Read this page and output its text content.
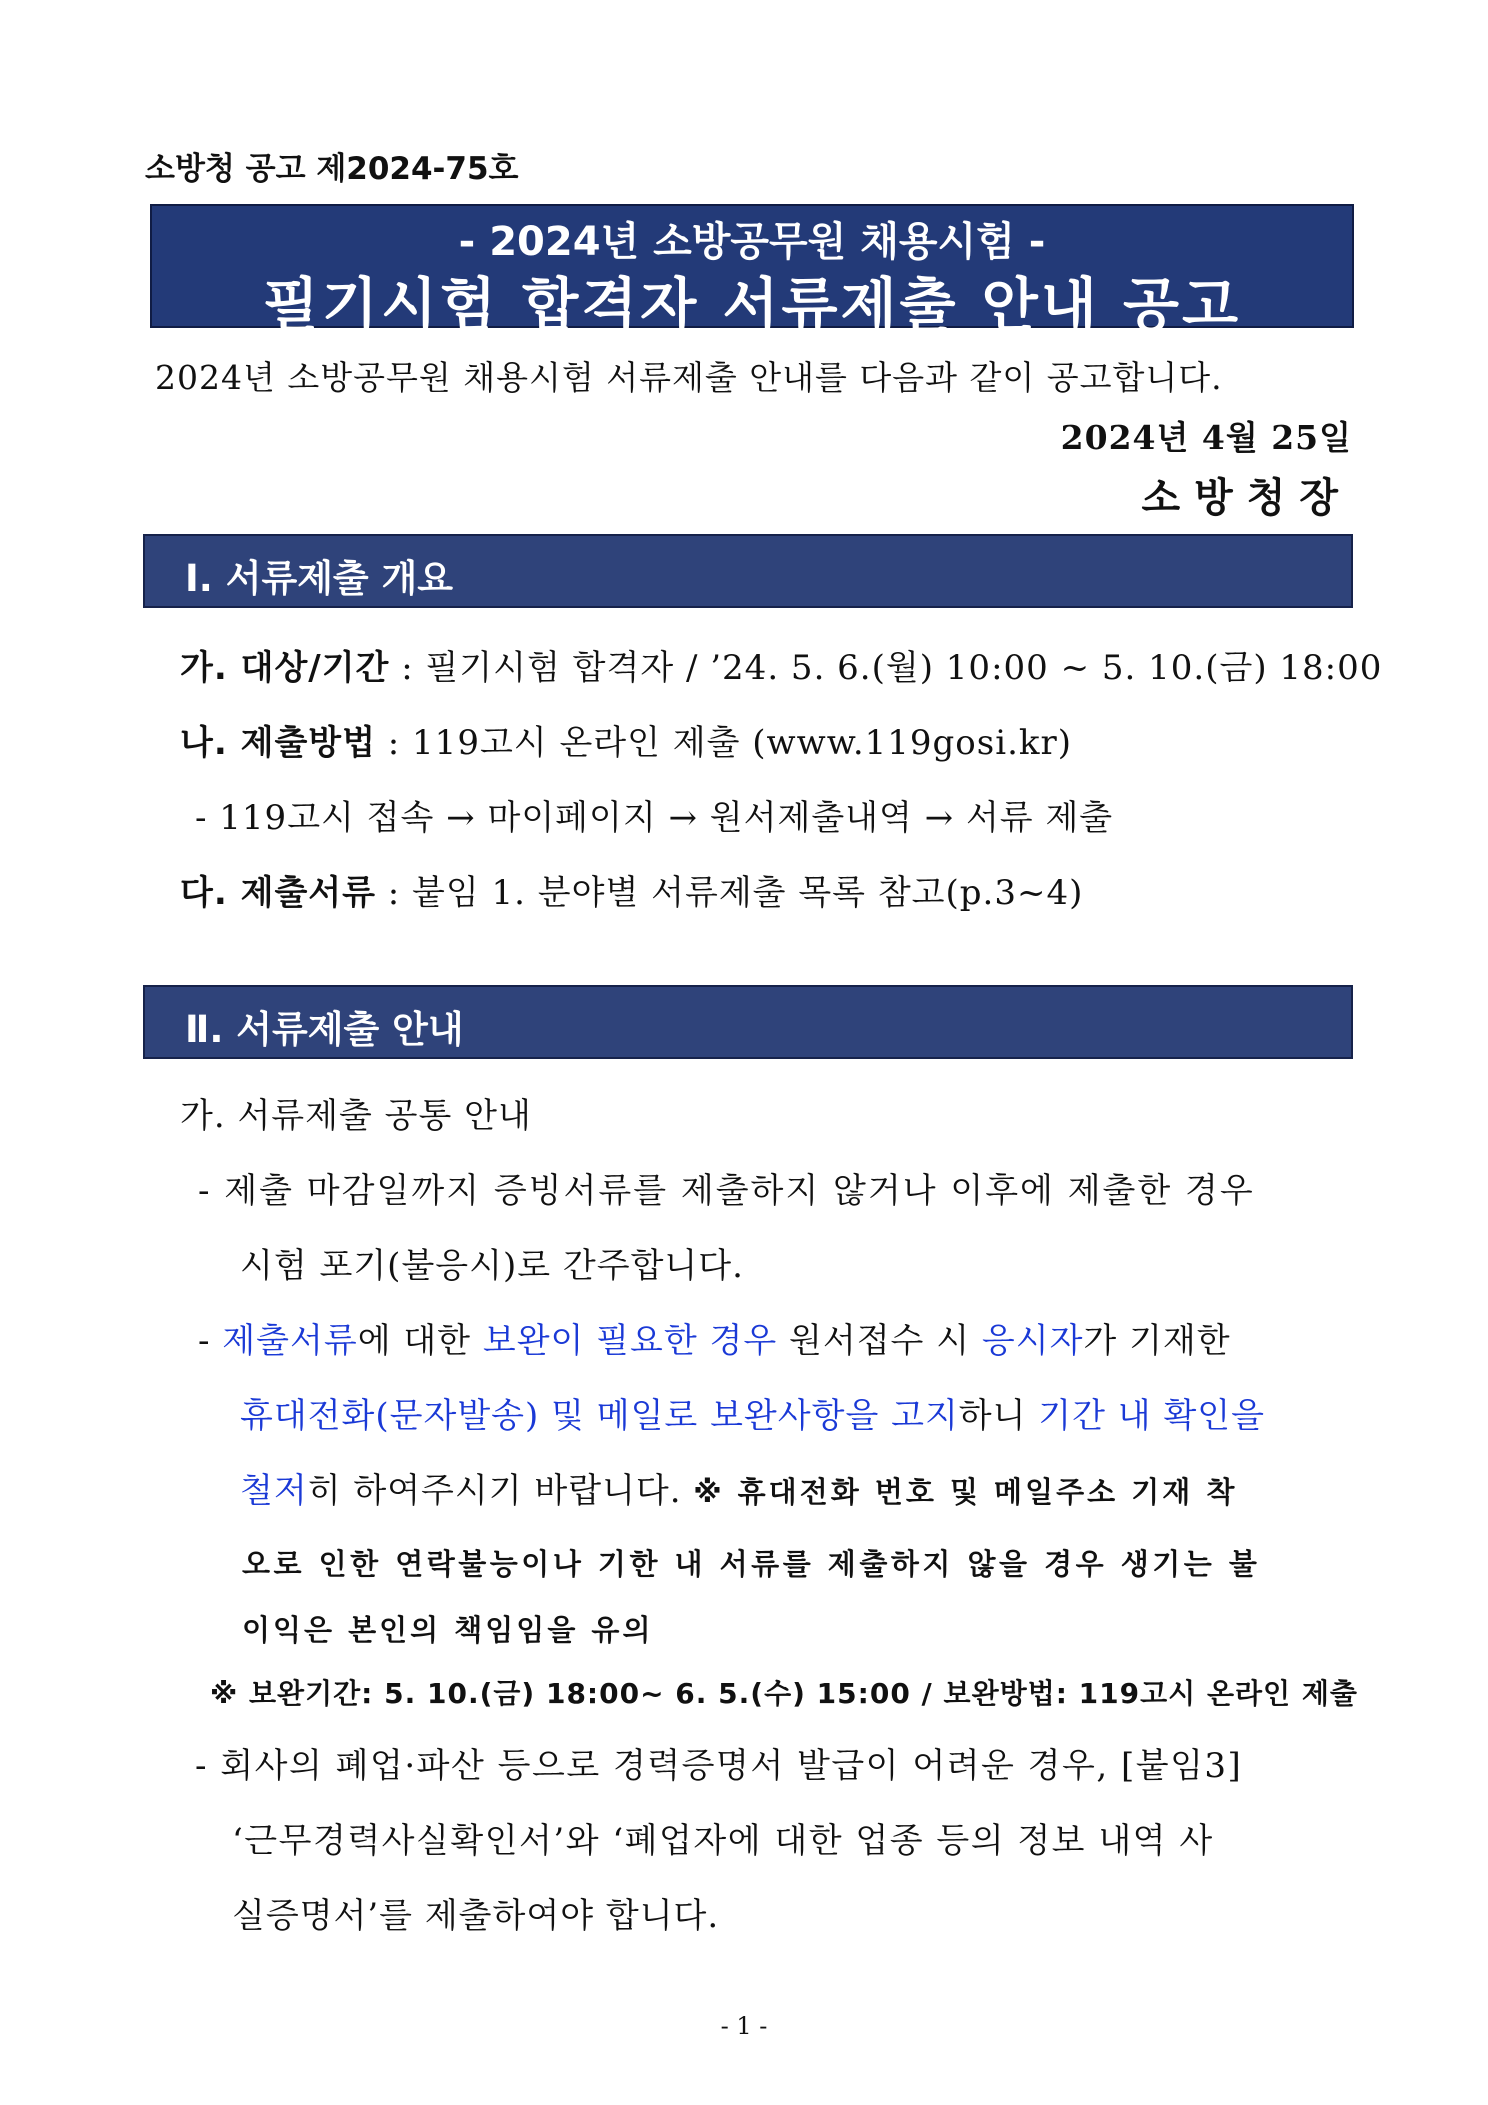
소방청 공고 제2024-75호
- 2024년 소방공무원 채용시험 -
필기시험 합격자 서류제출 안내 공고
2024년 소방공무원 채용시험 서류제출 안내를 다음과 같이 공고합니다.
2024년 4월 25일
소방청장
Ⅰ. 서류제출 개요
가. 대상/기간 : 필기시험 합격자 / ’24. 5. 6.(월) 10:00 ~ 5. 10.(금) 18:00
나. 제출방법 : 119고시 온라인 제출 (www.119gosi.kr)
- 119고시 접속 → 마이페이지 → 원서제출내역 → 서류 제출
다. 제출서류 : 붙임 1. 분야별 서류제출 목록 참고(p.3~4)
Ⅱ. 서류제출 안내
가. 서류제출 공통 안내
- 제출 마감일까지 증빙서류를 제출하지 않거나 이후에 제출한 경우
시험 포기(불응시)로 간주합니다.
- 제출서류에 대한 보완이 필요한 경우 원서접수 시 응시자가 기재한
휴대전화(문자발송) 및 메일로 보완사항을 고지하니 기간 내 확인을
철저히 하여주시기 바랍니다. ※ 휴대전화 번호 및 메일주소 기재 착
오로 인한 연락불능이나 기한 내 서류를 제출하지 않을 경우 생기는 불
이익은 본인의 책임임을 유의
※ 보완기간: 5. 10.(금) 18:00~ 6. 5.(수) 15:00 / 보완방법: 119고시 온라인 제출
- 회사의 폐업·파산 등으로 경력증명서 발급이 어려운 경우, [붙임3]
‘근무경력사실확인서’와 ‘폐업자에 대한 업종 등의 정보 내역 사
실증명서’를 제출하여야 합니다.
- 1 -
